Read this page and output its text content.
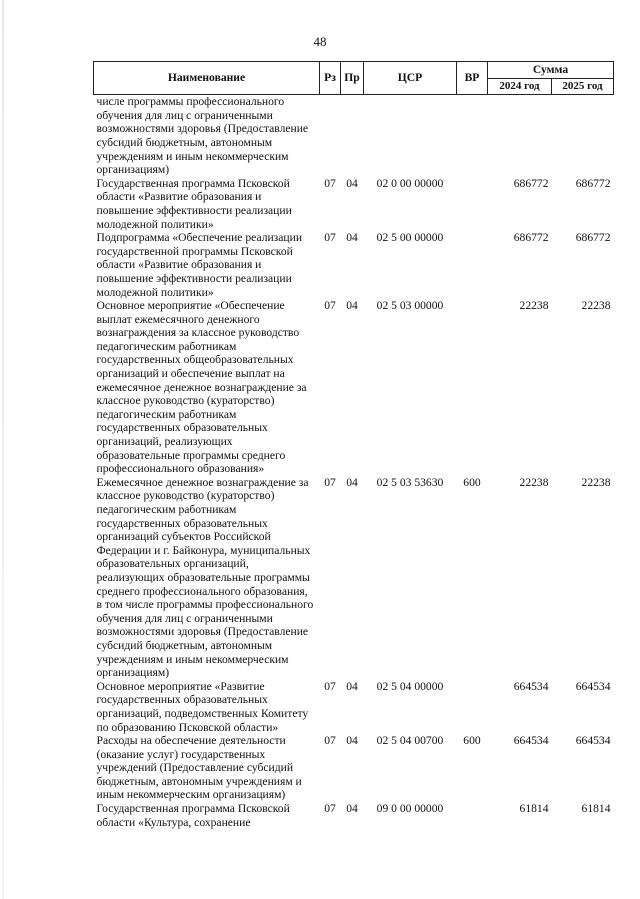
48
Наименование	Рз	Пр	ЦСР	ВР	Сумма	
					2024 год	2025 год
числе программы профессионального обучения для лиц с ограниченными возможностями здоровья (Предоставление субсидий бюджетным, автономным учреждениям и иным некоммерческим организациям)						
Государственная программа Псковской области «Развитие образования и повышение эффективности реализации молодежной политики»	07	04	02 0 00 00000		686772	686772
Подпрограмма «Обеспечение реализации государственной программы Псковской области «Развитие образования и повышение эффективности реализации молодежной политики»	07	04	02 5 00 00000		686772	686772
Основное мероприятие «Обеспечение выплат ежемесячного денежного вознаграждения за классное руководство педагогическим работникам государственных общеобразовательных организаций и обеспечение выплат на ежемесячное денежное вознаграждение за классное руководство (кураторство) педагогическим работникам государственных образовательных организаций, реализующих образовательные программы среднего профессионального образования»	07	04	02 5 03 00000		22238	22238
Ежемесячное денежное вознаграждение за классное руководство (кураторство) педагогическим работникам государственных образовательных организаций субъектов Российской Федерации и г. Байконура, муниципальных образовательных организаций, реализующих образовательные программы среднего профессионального образования, в том числе программы профессионального обучения для лиц с ограниченными возможностями здоровья (Предоставление субсидий бюджетным, автономным учреждениям и иным некоммерческим организациям)	07	04	02 5 03 53630	600	22238	22238
Основное мероприятие «Развитие государственных образовательных организаций, подведомственных Комитету по образованию Псковской области»	07	04	02 5 04 00000		664534	664534
Расходы на обеспечение деятельности (оказание услуг) государственных учреждений (Предоставление субсидий бюджетным, автономным учреждениям и иным некоммерческим организациям)	07	04	02 5 04 00700	600	664534	664534
Государственная программа Псковской области «Культура, сохранение	07	04	09 0 00 00000		61814	61814
